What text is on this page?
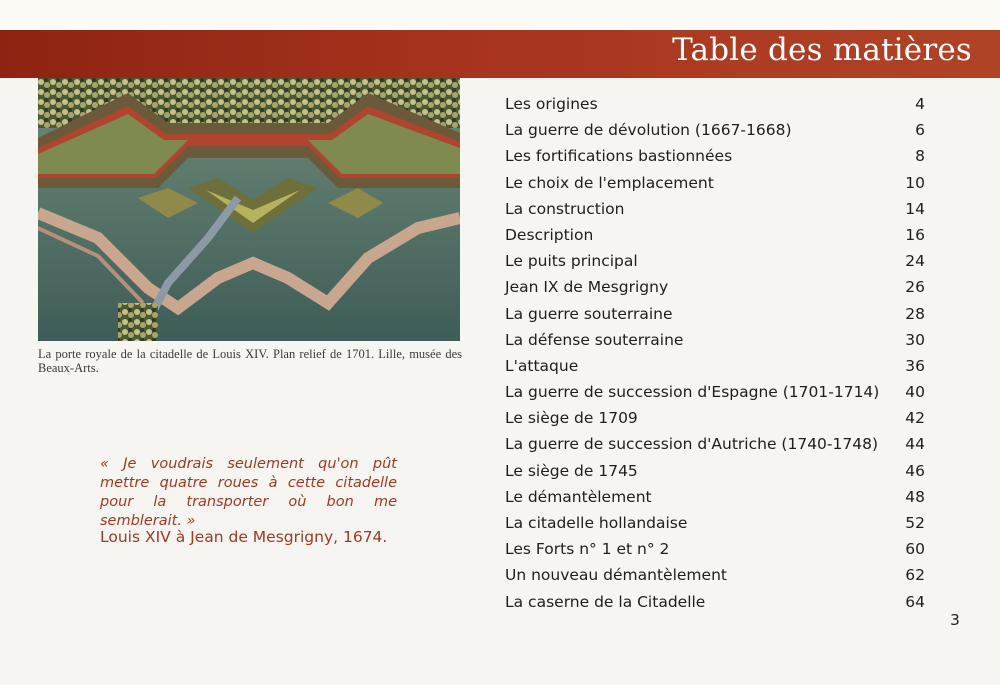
Table des matières

La porte royale de la citadelle de Louis XIV. Plan relief de 1701. Lille, musée des Beaux-Arts.

« Je voudrais seulement qu'on pût mettre quatre roues à cette citadelle pour la transporter où bon me semblerait. »

Louis XIV à Jean de Mesgrigny, 1674.

Les origines	4
La guerre de dévolution (1667-1668)	6
Les fortifications bastionnées	8
Le choix de l'emplacement	10
La construction	14
Description	16
Le puits principal	24
Jean IX de Mesgrigny	26
La guerre souterraine	28
La défense souterraine	30
L'attaque	36
La guerre de succession d'Espagne (1701-1714)	40
Le siège de 1709	42
La guerre de succession d'Autriche (1740-1748)	44
Le siège de 1745	46
Le démantèlement	48
La citadelle hollandaise	52
Les Forts n° 1 et n° 2	60
Un nouveau démantèlement	62
La caserne de la Citadelle	64

3
